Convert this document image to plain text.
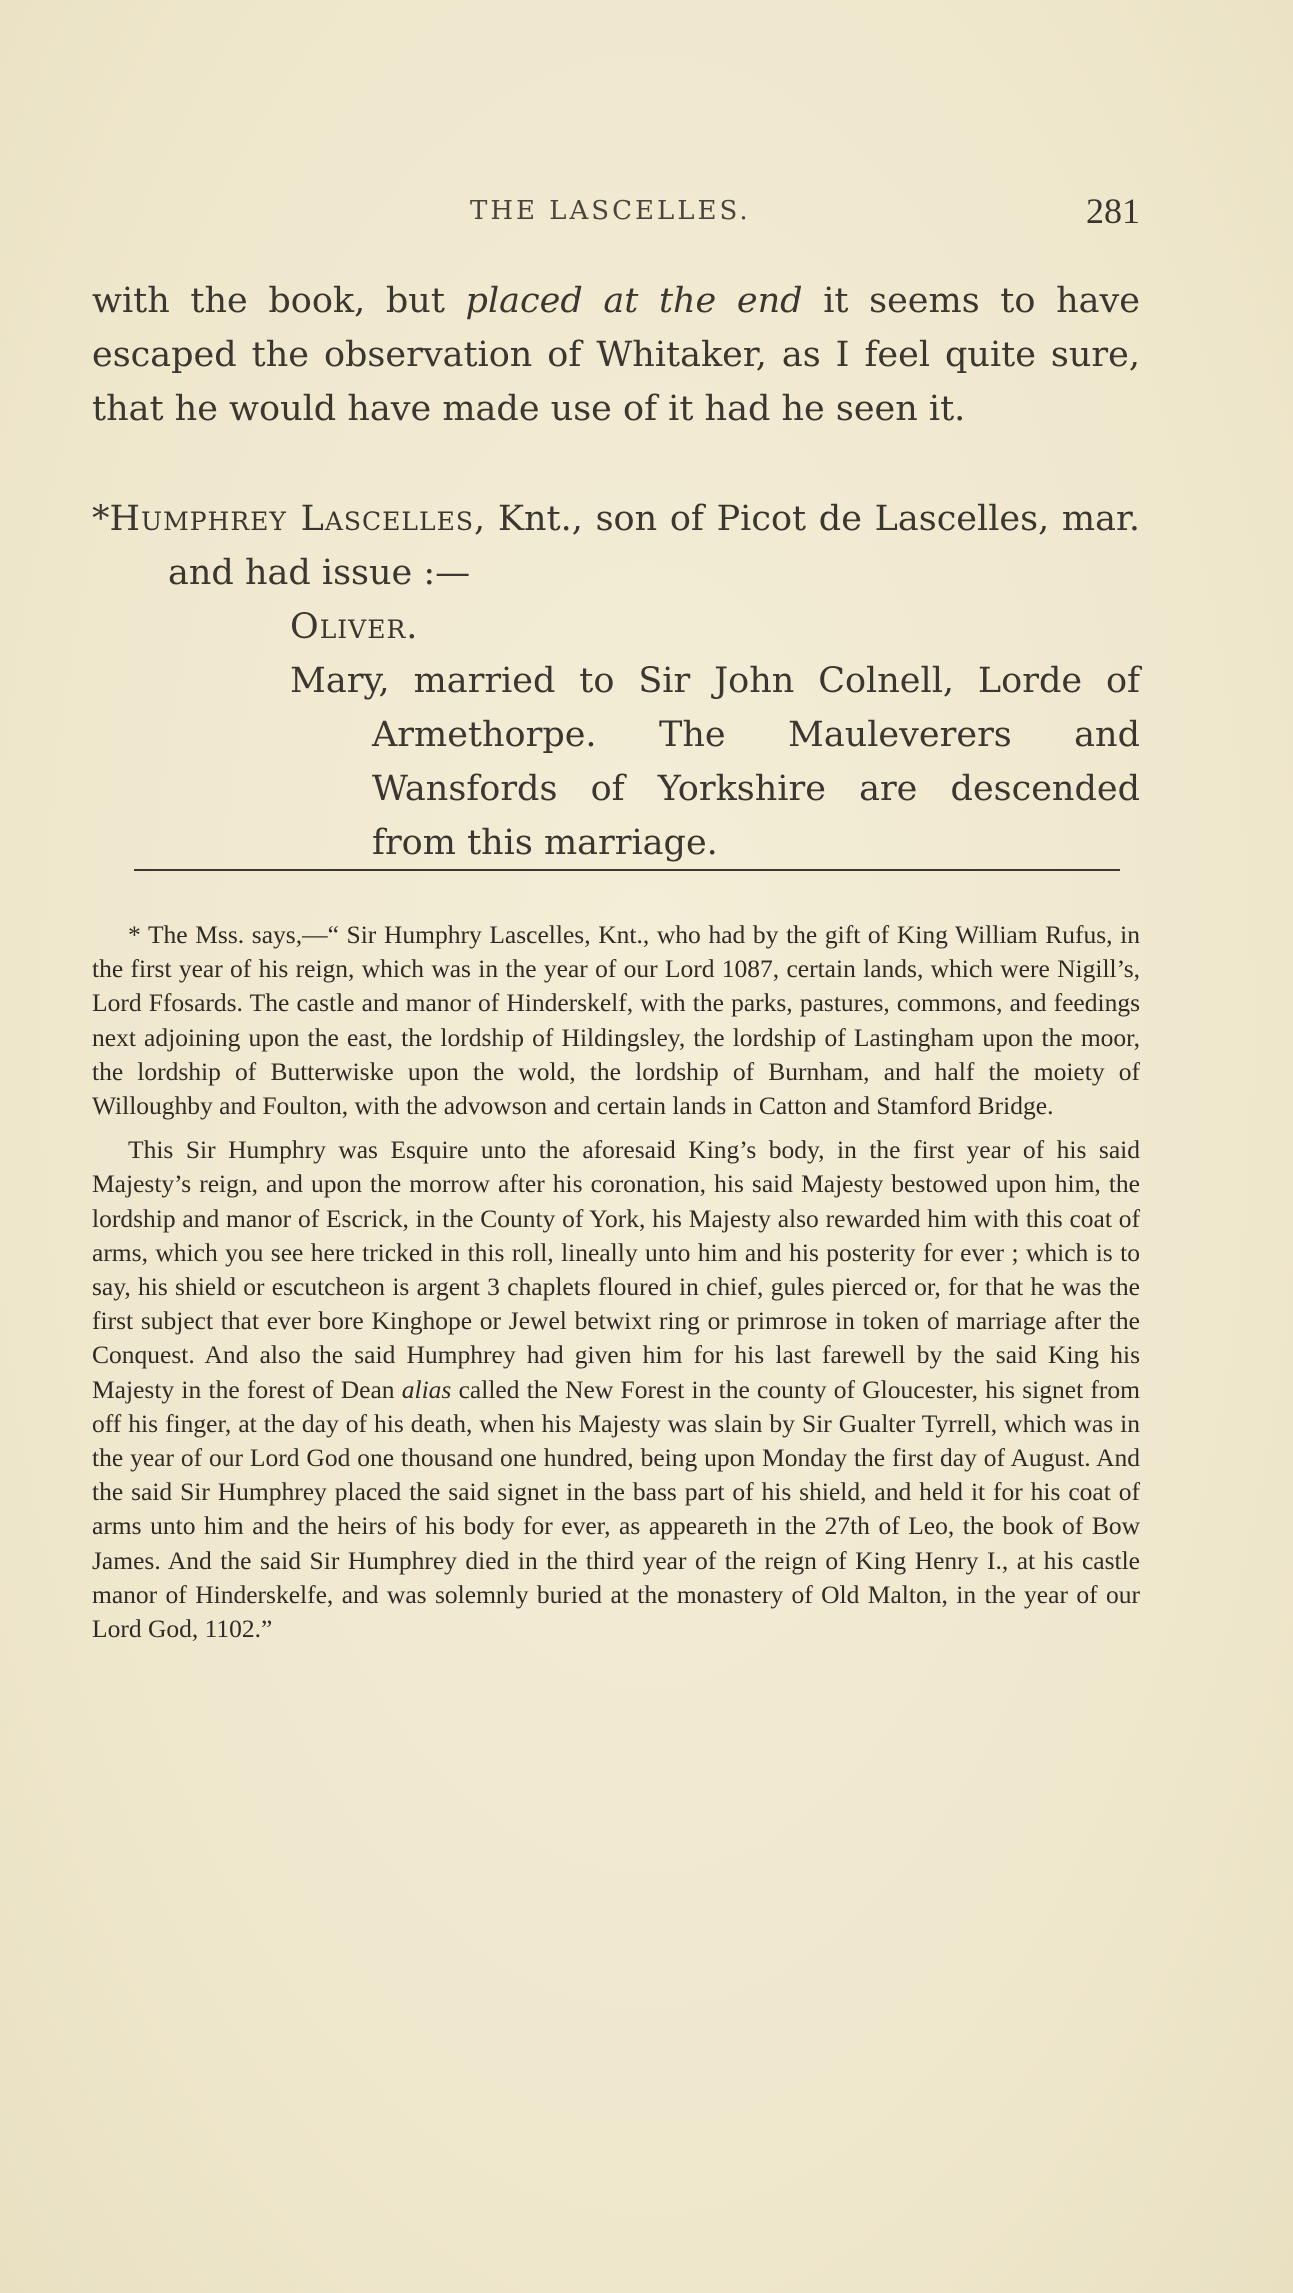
THE LASCELLES.	281
with the book, but placed at the end it seems to have escaped the observation of Whitaker, as I feel quite sure, that he would have made use of it had he seen it.
*Humphrey Lascelles, Knt., son of Picot de Lascelles, mar.
and had issue :—
Oliver.
Mary, married to Sir John Colnell, Lorde of Armethorpe. The Mauleverers and Wansfords of Yorkshire are descended from this marriage.

* The Mss. says,—“ Sir Humphry Lascelles, Knt., who had by the gift of King William Rufus, in the first year of his reign, which was in the year of our Lord 1087, certain lands, which were Nigill’s, Lord Ffosards. The castle and manor of Hinderskelf, with the parks, pastures, commons, and feedings next adjoining upon the east, the lordship of Hildingsley, the lordship of Lastingham upon the moor, the lordship of Butterwiske upon the wold, the lordship of Burnham, and half the moiety of Willoughby and Foulton, with the advowson and certain lands in Catton and Stamford Bridge.

This Sir Humphry was Esquire unto the aforesaid King’s body, in the first year of his said Majesty’s reign, and upon the morrow after his coronation, his said Majesty bestowed upon him, the lordship and manor of Escrick, in the County of York, his Majesty also rewarded him with this coat of arms, which you see here tricked in this roll, lineally unto him and his posterity for ever ; which is to say, his shield or escutcheon is argent 3 chaplets floured in chief, gules pierced or, for that he was the first subject that ever bore Kinghope or Jewel betwixt ring or primrose in token of marriage after the Conquest. And also the said Humphrey had given him for his last farewell by the said King his Majesty in the forest of Dean alias called the New Forest in the county of Gloucester, his signet from off his finger, at the day of his death, when his Majesty was slain by Sir Gualter Tyrrell, which was in the year of our Lord God one thousand one hundred, being upon Monday the first day of August. And the said Sir Humphrey placed the said signet in the bass part of his shield, and held it for his coat of arms unto him and the heirs of his body for ever, as appeareth in the 27th of Leo, the book of Bow James. And the said Sir Humphrey died in the third year of the reign of King Henry I., at his castle manor of Hinderskelfe, and was solemnly buried at the monastery of Old Malton, in the year of our Lord God, 1102.”
